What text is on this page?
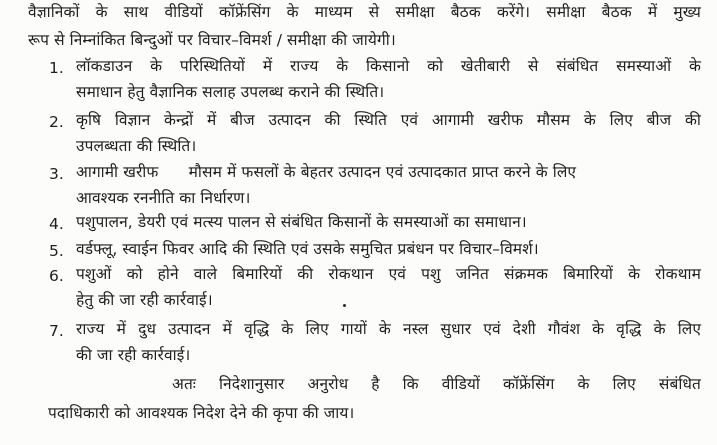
वैज्ञानिकों के साथ वीडियों कॉफ्रेंसिंग के माध्यम से समीक्षा बैठक करेंगे। समीक्षा बैठक में मुख्य
रूप से निम्नांकित बिन्दुओं पर विचार–विमर्श / समीक्षा की जायेगी।
1. लॉकडाउन के परिस्थितियों में राज्य के किसानो को खेतीबारी से संबंधित समस्याओं के
समाधान हेतु वैज्ञानिक सलाह उपलब्ध कराने की स्थिति।
2. कृषि विज्ञान केन्द्रों में बीज उत्पादन की स्थिति एवं आगामी खरीफ मौसम के लिए बीज की
उपलब्धता की स्थिति।
3. आगामी खरीफ      मौसम में फसलों के बेहतर उत्पादन एवं उत्पादकात प्राप्त करने के लिए
आवश्यक रननीति का निर्धारण।
4. पशुपालन, डेयरी एवं मत्स्य पालन से संबंधित किसानों के समस्याओं का समाधान।
5. वर्डफ्लू, स्वाईन फिवर आदि की स्थिति एवं उसके समुचित प्रबंधन पर विचार–विमर्श।
6. पशुओं को होने वाले बिमारियों की रोकथान एवं पशु जनित संक्रमक बिमारियों के रोकथाम
हेतु की जा रही कार्रवाई।
7. राज्य में दुध उत्पादन में वृद्धि के लिए गायों के नस्ल सुधार एवं देशी गौवंश के वृद्धि के लिए
की जा रही कार्रवाई।
अतः निदेशानुसार अनुरोध है कि वीडियों कॉफ्रेंसिंग के लिए संबंधित
पदाधिकारी को आवश्यक निदेश देने की कृपा की जाय।
